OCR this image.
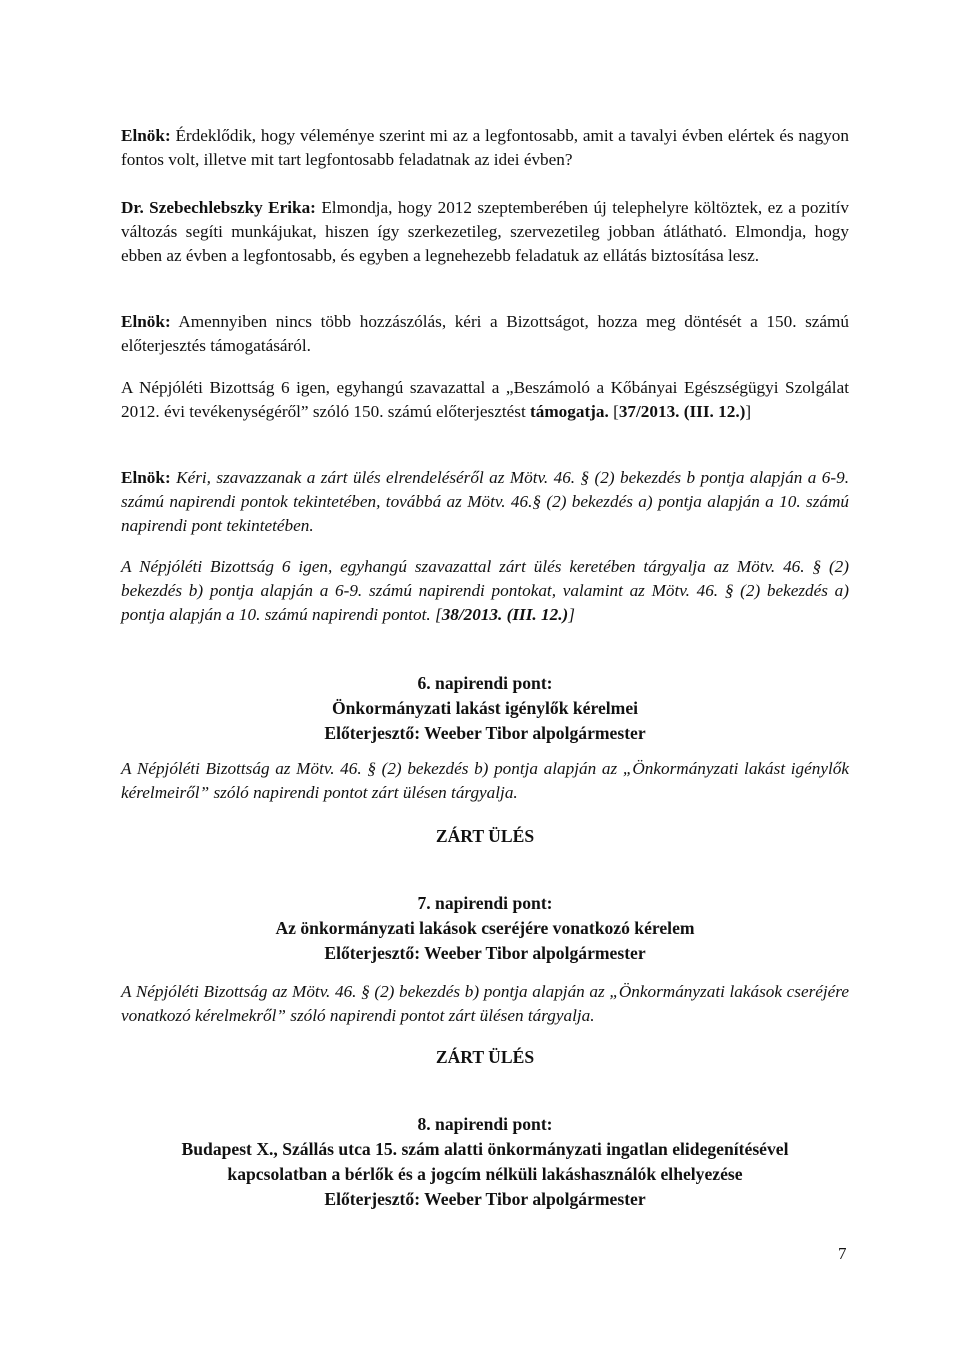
Elnök: Érdeklődik, hogy véleménye szerint mi az a legfontosabb, amit a tavalyi évben elértek és nagyon fontos volt, illetve mit tart legfontosabb feladatnak az idei évben?

Dr. Szebechlebszky Erika: Elmondja, hogy 2012 szeptemberében új telephelyre költöztek, ez a pozitív változás segíti munkájukat, hiszen így szerkezetileg, szervezetileg jobban átlátható. Elmondja, hogy ebben az évben a legfontosabb, és egyben a legnehezebb feladatuk az ellátás biztosítása lesz.

Elnök: Amennyiben nincs több hozzászólás, kéri a Bizottságot, hozza meg döntését a 150. számú előterjesztés támogatásáról.

A Népjóléti Bizottság 6 igen, egyhangú szavazattal a „Beszámoló a Kőbányai Egészségügyi Szolgálat 2012. évi tevékenységéről” szóló 150. számú előterjesztést támogatja. [37/2013. (III. 12.)]

Elnök: Kéri, szavazzanak a zárt ülés elrendeléséről az Mötv. 46. § (2) bekezdés b pontja alapján a 6-9. számú napirendi pontok tekintetében, továbbá az Mötv. 46.§ (2) bekezdés a) pontja alapján a 10. számú napirendi pont tekintetében.

A Népjóléti Bizottság 6 igen, egyhangú szavazattal zárt ülés keretében tárgyalja az Mötv. 46. § (2) bekezdés b) pontja alapján a 6-9. számú napirendi pontokat, valamint az Mötv. 46. § (2) bekezdés a) pontja alapján a 10. számú napirendi pontot. [38/2013. (III. 12.)]

6. napirendi pont:
Önkormányzati lakást igénylők kérelmei
Előterjesztő: Weeber Tibor alpolgármester

A Népjóléti Bizottság az Mötv. 46. § (2) bekezdés b) pontja alapján az „Önkormányzati lakást igénylők kérelmeiről” szóló napirendi pontot zárt ülésen tárgyalja.

ZÁRT ÜLÉS
7. napirendi pont:
Az önkormányzati lakások cseréjére vonatkozó kérelem
Előterjesztő: Weeber Tibor alpolgármester

A Népjóléti Bizottság az Mötv. 46. § (2) bekezdés b) pontja alapján az „Önkormányzati lakások cseréjére vonatkozó kérelmekről” szóló napirendi pontot zárt ülésen tárgyalja.

ZÁRT ÜLÉS
8. napirendi pont:
Budapest X., Szállás utca 15. szám alatti önkormányzati ingatlan elidegenítésével
kapcsolatban a bérlők és a jogcím nélküli lakáshasználók elhelyezése
Előterjesztő: Weeber Tibor alpolgármester
7
